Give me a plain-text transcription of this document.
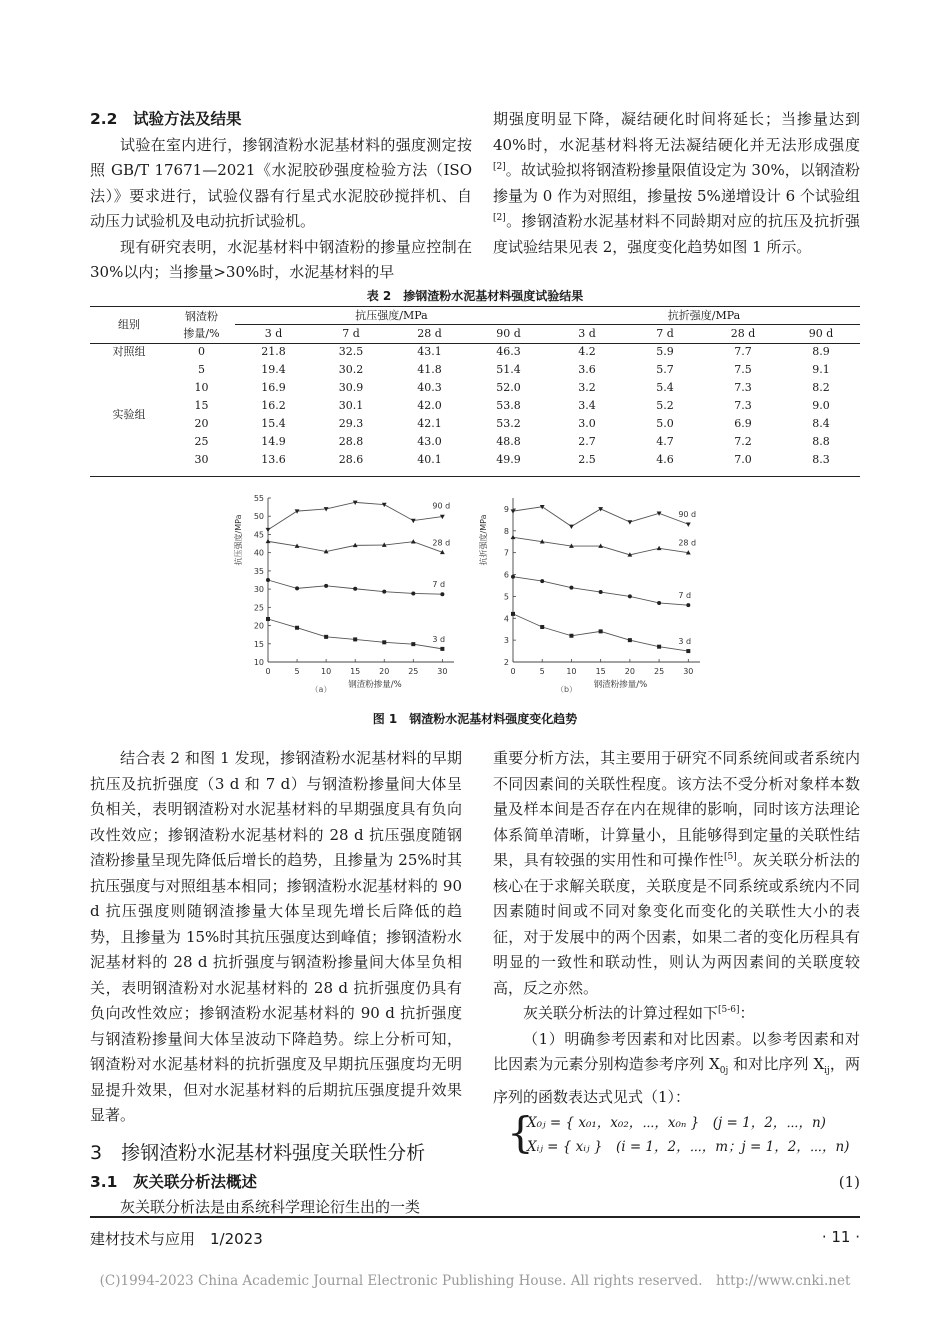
2.2　试验方法及结果

试验在室内进行，掺钢渣粉水泥基材料的强度测定按照 GB/T 17671—2021《水泥胶砂强度检验方法（ISO 法）》要求进行，试验仪器有行星式水泥胶砂搅拌机、自动压力试验机及电动抗折试验机。

现有研究表明，水泥基材料中钢渣粉的掺量应控制在 30%以内；当掺量>30%时，水泥基材料的早

期强度明显下降，凝结硬化时间将延长；当掺量达到 40%时，水泥基材料将无法凝结硬化并无法形成强度[2]。故试验拟将钢渣粉掺量限值设定为 30%，以钢渣粉掺量为 0 作为对照组，掺量按 5%递增设计 6 个试验组[2]。掺钢渣粉水泥基材料不同龄期对应的抗压及抗折强度试验结果见表 2，强度变化趋势如图 1 所示。

表 2　掺钢渣粉水泥基材料强度试验结果
组别	钢渣粉
掺量/%	抗压强度/MPa				抗折强度/MPa			
		3 d	7 d	28 d	90 d	3 d	7 d	28 d	90 d
对照组	0	21.8	32.5	43.1	46.3	4.2	5.9	7.7	8.9
实验组	5	19.4	30.2	41.8	51.4	3.6	5.7	7.5	9.1
	10	16.9	30.9	40.3	52.0	3.2	5.4	7.3	8.2
	15	16.2	30.1	42.0	53.8	3.4	5.2	7.3	9.0
	20	15.4	29.3	42.1	53.2	3.0	5.0	6.9	8.4
	25	14.9	28.8	43.0	48.8	2.7	4.7	7.2	8.8
	30	13.6	28.6	40.1	49.9	2.5	4.6	7.0	8.3
10
15
20
25
30
35
40
45
50
55
0	5	10 15 20 25 30
钢渣粉掺量/%
抗压强度/MPa
（a）
90 d
28 d
7 d
3 d
2
3
4
5
6
7
8
9
0	5	10 15 20 25 30
钢渣粉掺量/%
抗折强度/MPa
（b）
90 d
28 d
7 d
3 d
图 1　钢渣粉水泥基材料强度变化趋势

结合表 2 和图 1 发现，掺钢渣粉水泥基材料的早期抗压及抗折强度（3 d 和 7 d）与钢渣粉掺量间大体呈负相关，表明钢渣粉对水泥基材料的早期强度具有负向改性效应；掺钢渣粉水泥基材料的 28 d 抗压强度随钢渣粉掺量呈现先降低后增长的趋势，且掺量为 25%时其抗压强度与对照组基本相同；掺钢渣粉水泥基材料的 90 d 抗压强度则随钢渣掺量大体呈现先增长后降低的趋势，且掺量为 15%时其抗压强度达到峰值；掺钢渣粉水泥基材料的 28 d 抗折强度与钢渣粉掺量间大体呈负相关，表明钢渣粉对水泥基材料的 28 d 抗折强度仍具有负向改性效应；掺钢渣粉水泥基材料的 90 d 抗折强度与钢渣粉掺量间大体呈波动下降趋势。综上分析可知，钢渣粉对水泥基材料的抗折强度及早期抗压强度均无明显提升效果，但对水泥基材料的后期抗压强度提升效果显著。

3　掺钢渣粉水泥基材料强度关联性分析
3.1　灰关联分析法概述

灰关联分析法是由系统科学理论衍生出的一类

重要分析方法，其主要用于研究不同系统间或者系统内不同因素间的关联性程度。该方法不受分析对象样本数量及样本间是否存在内在规律的影响，同时该方法理论体系简单清晰，计算量小，且能够得到定量的关联性结果，具有较强的实用性和可操作性[5]。灰关联分析法的核心在于求解关联度，关联度是不同系统或系统内不同因素随时间或不同对象变化而变化的关联性大小的表征，对于发展中的两个因素，如果二者的变化历程具有明显的一致性和联动性，则认为两因素间的关联度较高，反之亦然。

灰关联分析法的计算过程如下[5-6]：

（1）明确参考因素和对比因素。以参考因素和对比因素为元素分别构造参考序列 $X_{0j}$ 和对比序列 $X_{ij}$，两序列的函数表达式见式（1）：

{
X₀ⱼ = { x₀₁，x₀₂，⋯，x₀ₙ }　(j = 1，2，⋯，n)
Xᵢⱼ = { xᵢⱼ }　(i = 1，2，⋯，m；j = 1，2，⋯，n)
(1)
建材技术与应用　1/2023	· 11 ·
(C)1994-2023 China Academic Journal Electronic Publishing House. All rights reserved.　http://www.cnki.net
